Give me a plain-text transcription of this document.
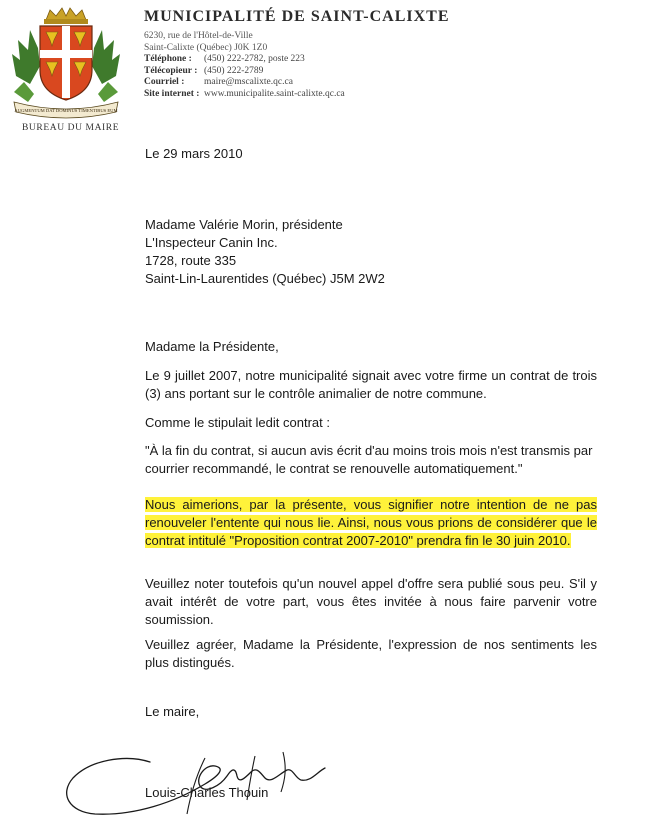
AUGMENTUM DAT DOMINUS TIMENTIBUS EUM
BUREAU DU MAIRE
MUNICIPALITÉ DE SAINT-CALIXTE
6230, rue de l'Hôtel-de-Ville
Saint-Calixte (Québec) J0K 1Z0
Téléphone :	(450) 222-2782, poste 223
Télécopieur : (450) 222-2789
Courriel :	maire@mscalixte.qc.ca
Site internet : www.municipalite.saint-calixte.qc.ca
Le 29 mars 2010
Madame Valérie Morin, présidente
L'Inspecteur Canin Inc.
1728, route 335
Saint-Lin-Laurentides (Québec) J5M 2W2
Madame la Présidente,

Le 9 juillet 2007, notre municipalité signait avec votre firme un contrat de trois (3) ans portant sur le contrôle animalier de notre commune.

Comme le stipulait ledit contrat :

"À la fin du contrat, si aucun avis écrit d'au moins trois mois n'est transmis par courrier recommandé, le contrat se renouvelle automatiquement."

Nous aimerions, par la présente, vous signifier notre intention de ne pas renouveler l'entente qui nous lie. Ainsi, nous vous prions de considérer que le contrat intitulé "Proposition contrat 2007-2010" prendra fin le 30 juin 2010.

Veuillez noter toutefois qu'un nouvel appel d'offre sera publié sous peu. S'il y avait intérêt de votre part, vous êtes invitée à nous faire parvenir votre soumission.

Veuillez agréer, Madame la Présidente, l'expression de nos sentiments les plus distingués.

Le maire,
Louis-Charles Thouin
